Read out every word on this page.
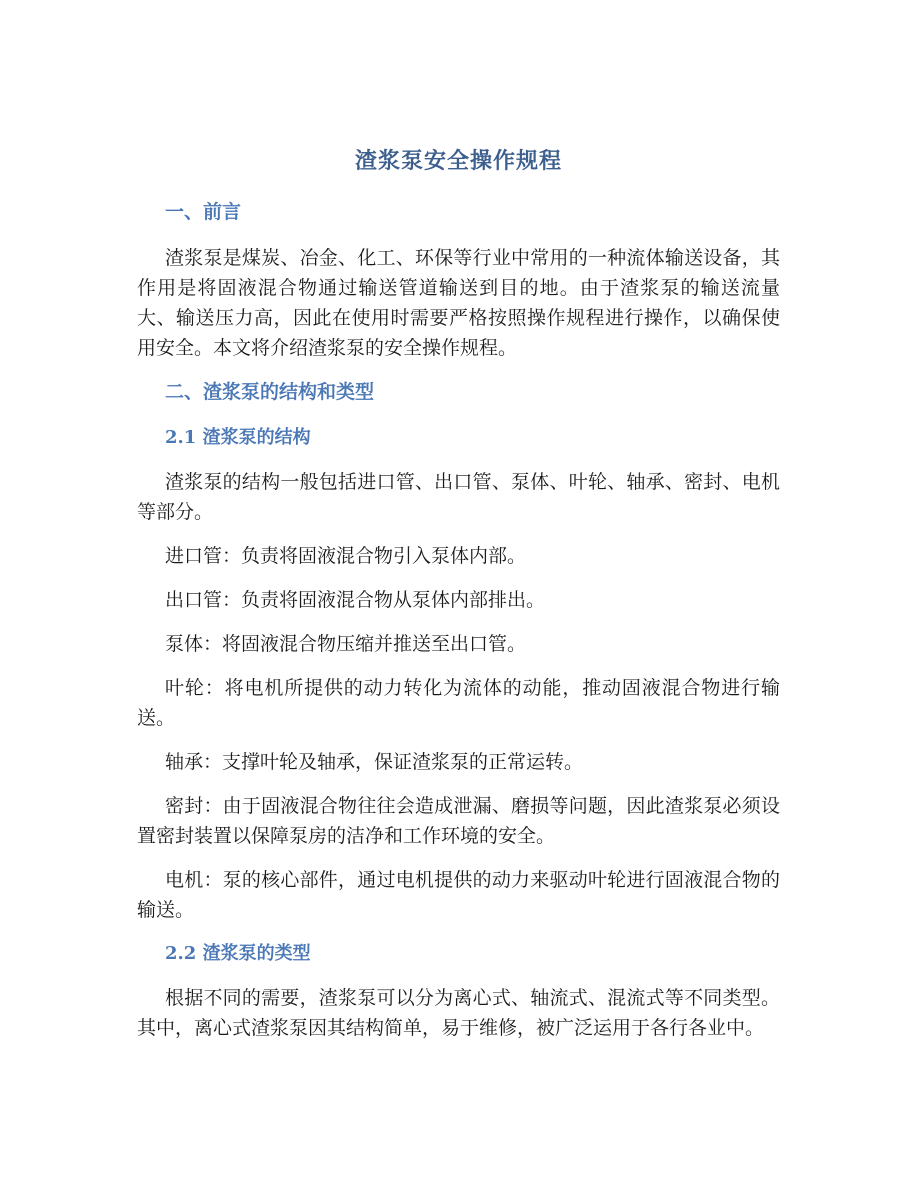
渣浆泵安全操作规程
一、前言

渣浆泵是煤炭、冶金、化工、环保等行业中常用的一种流体输送设备，其作用是将固液混合物通过输送管道输送到目的地。由于渣浆泵的输送流量大、输送压力高，因此在使用时需要严格按照操作规程进行操作，以确保使用安全。本文将介绍渣浆泵的安全操作规程。

二、渣浆泵的结构和类型
2.1 渣浆泵的结构

渣浆泵的结构一般包括进口管、出口管、泵体、叶轮、轴承、密封、电机等部分。

进口管：负责将固液混合物引入泵体内部。

出口管：负责将固液混合物从泵体内部排出。

泵体：将固液混合物压缩并推送至出口管。

叶轮：将电机所提供的动力转化为流体的动能，推动固液混合物进行输送。

轴承：支撑叶轮及轴承，保证渣浆泵的正常运转。

密封：由于固液混合物往往会造成泄漏、磨损等问题，因此渣浆泵必须设置密封装置以保障泵房的洁净和工作环境的安全。

电机：泵的核心部件，通过电机提供的动力来驱动叶轮进行固液混合物的输送。

2.2 渣浆泵的类型

根据不同的需要，渣浆泵可以分为离心式、轴流式、混流式等不同类型。其中，离心式渣浆泵因其结构简单，易于维修，被广泛运用于各行各业中。
